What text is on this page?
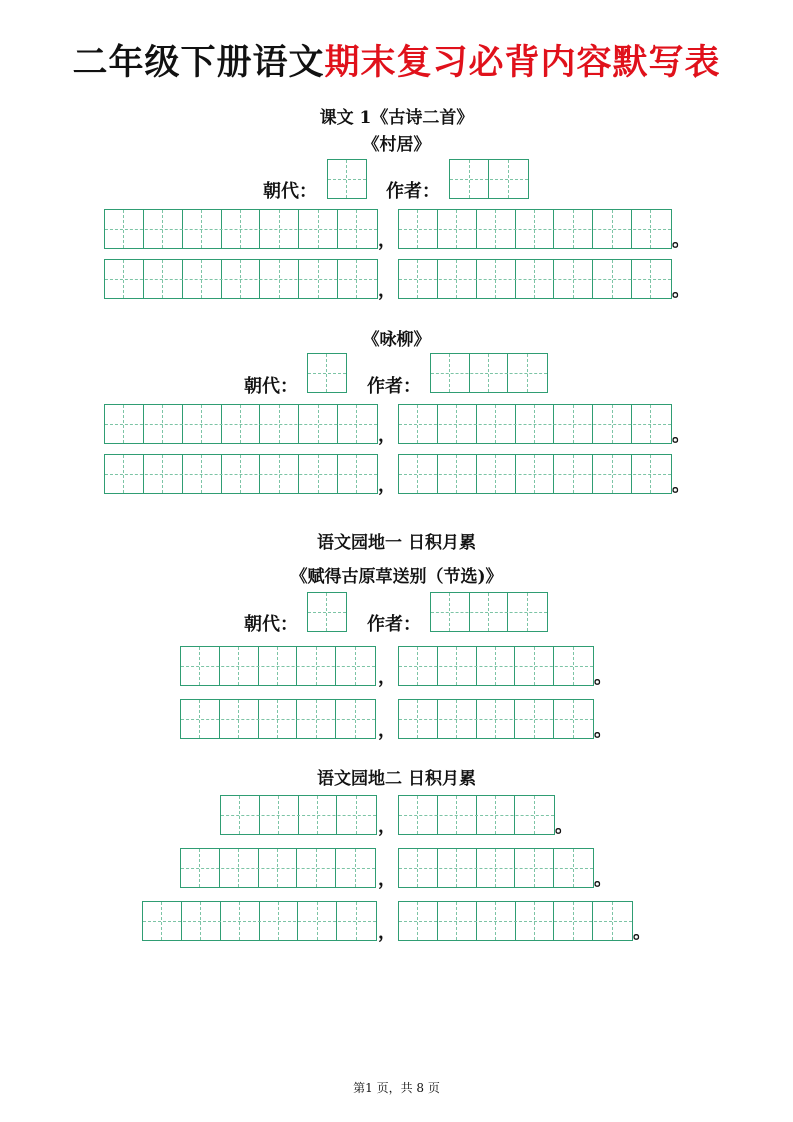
二年级下册语文期末复习必背内容默写表
课文 1《古诗二首》
《村居》
朝代：	作者：
，	。
，	。
《咏柳》
朝代：	作者：
，	。
，	。
语文园地一 日积月累
《赋得古原草送别（节选)》
朝代：	作者：
，	。
，	。
语文园地二 日积月累
，	。
，	。
，	。
第1 页，共 8 页
